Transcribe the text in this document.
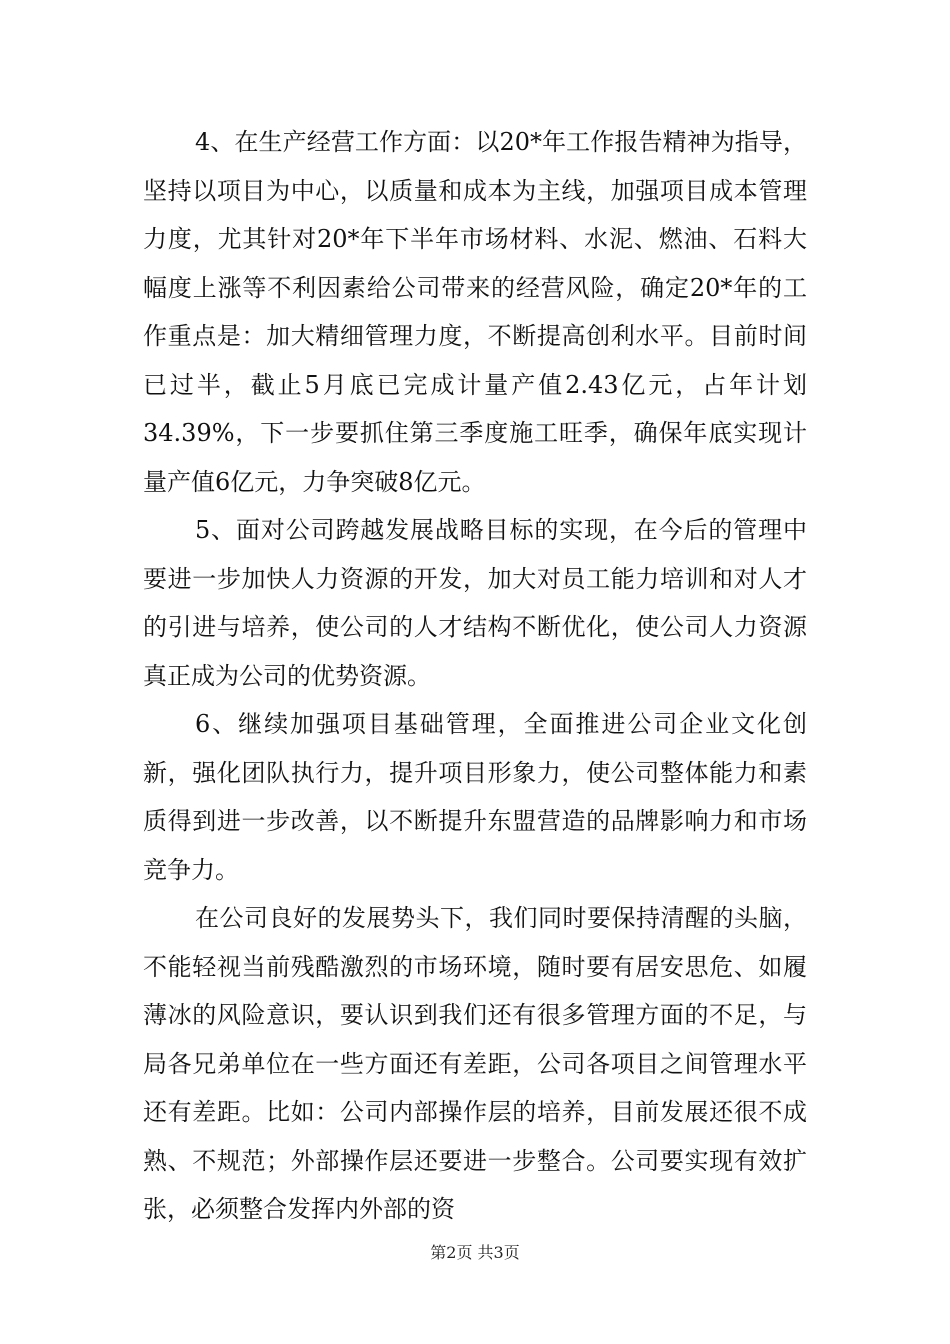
4、在生产经营工作方面：以20*年工作报告精神为指导，坚持以项目为中心，以质量和成本为主线，加强项目成本管理力度，尤其针对20*年下半年市场材料、水泥、燃油、石料大幅度上涨等不利因素给公司带来的经营风险，确定20*年的工作重点是：加大精细管理力度，不断提高创利水平。目前时间已过半，截止5月底已完成计量产值2.43亿元，占年计划34.39%，下一步要抓住第三季度施工旺季，确保年底实现计量产值6亿元，力争突破8亿元。

5、面对公司跨越发展战略目标的实现，在今后的管理中要进一步加快人力资源的开发，加大对员工能力培训和对人才的引进与培养，使公司的人才结构不断优化，使公司人力资源真正成为公司的优势资源。

6、继续加强项目基础管理，全面推进公司企业文化创新，强化团队执行力，提升项目形象力，使公司整体能力和素质得到进一步改善，以不断提升东盟营造的品牌影响力和市场竞争力。

在公司良好的发展势头下，我们同时要保持清醒的头脑，不能轻视当前残酷激烈的市场环境，随时要有居安思危、如履薄冰的风险意识，要认识到我们还有很多管理方面的不足，与局各兄弟单位在一些方面还有差距，公司各项目之间管理水平还有差距。比如：公司内部操作层的培养，目前发展还很不成熟、不规范；外部操作层还要进一步整合。公司要实现有效扩张，必须整合发挥内外部的资

第2页 共3页
